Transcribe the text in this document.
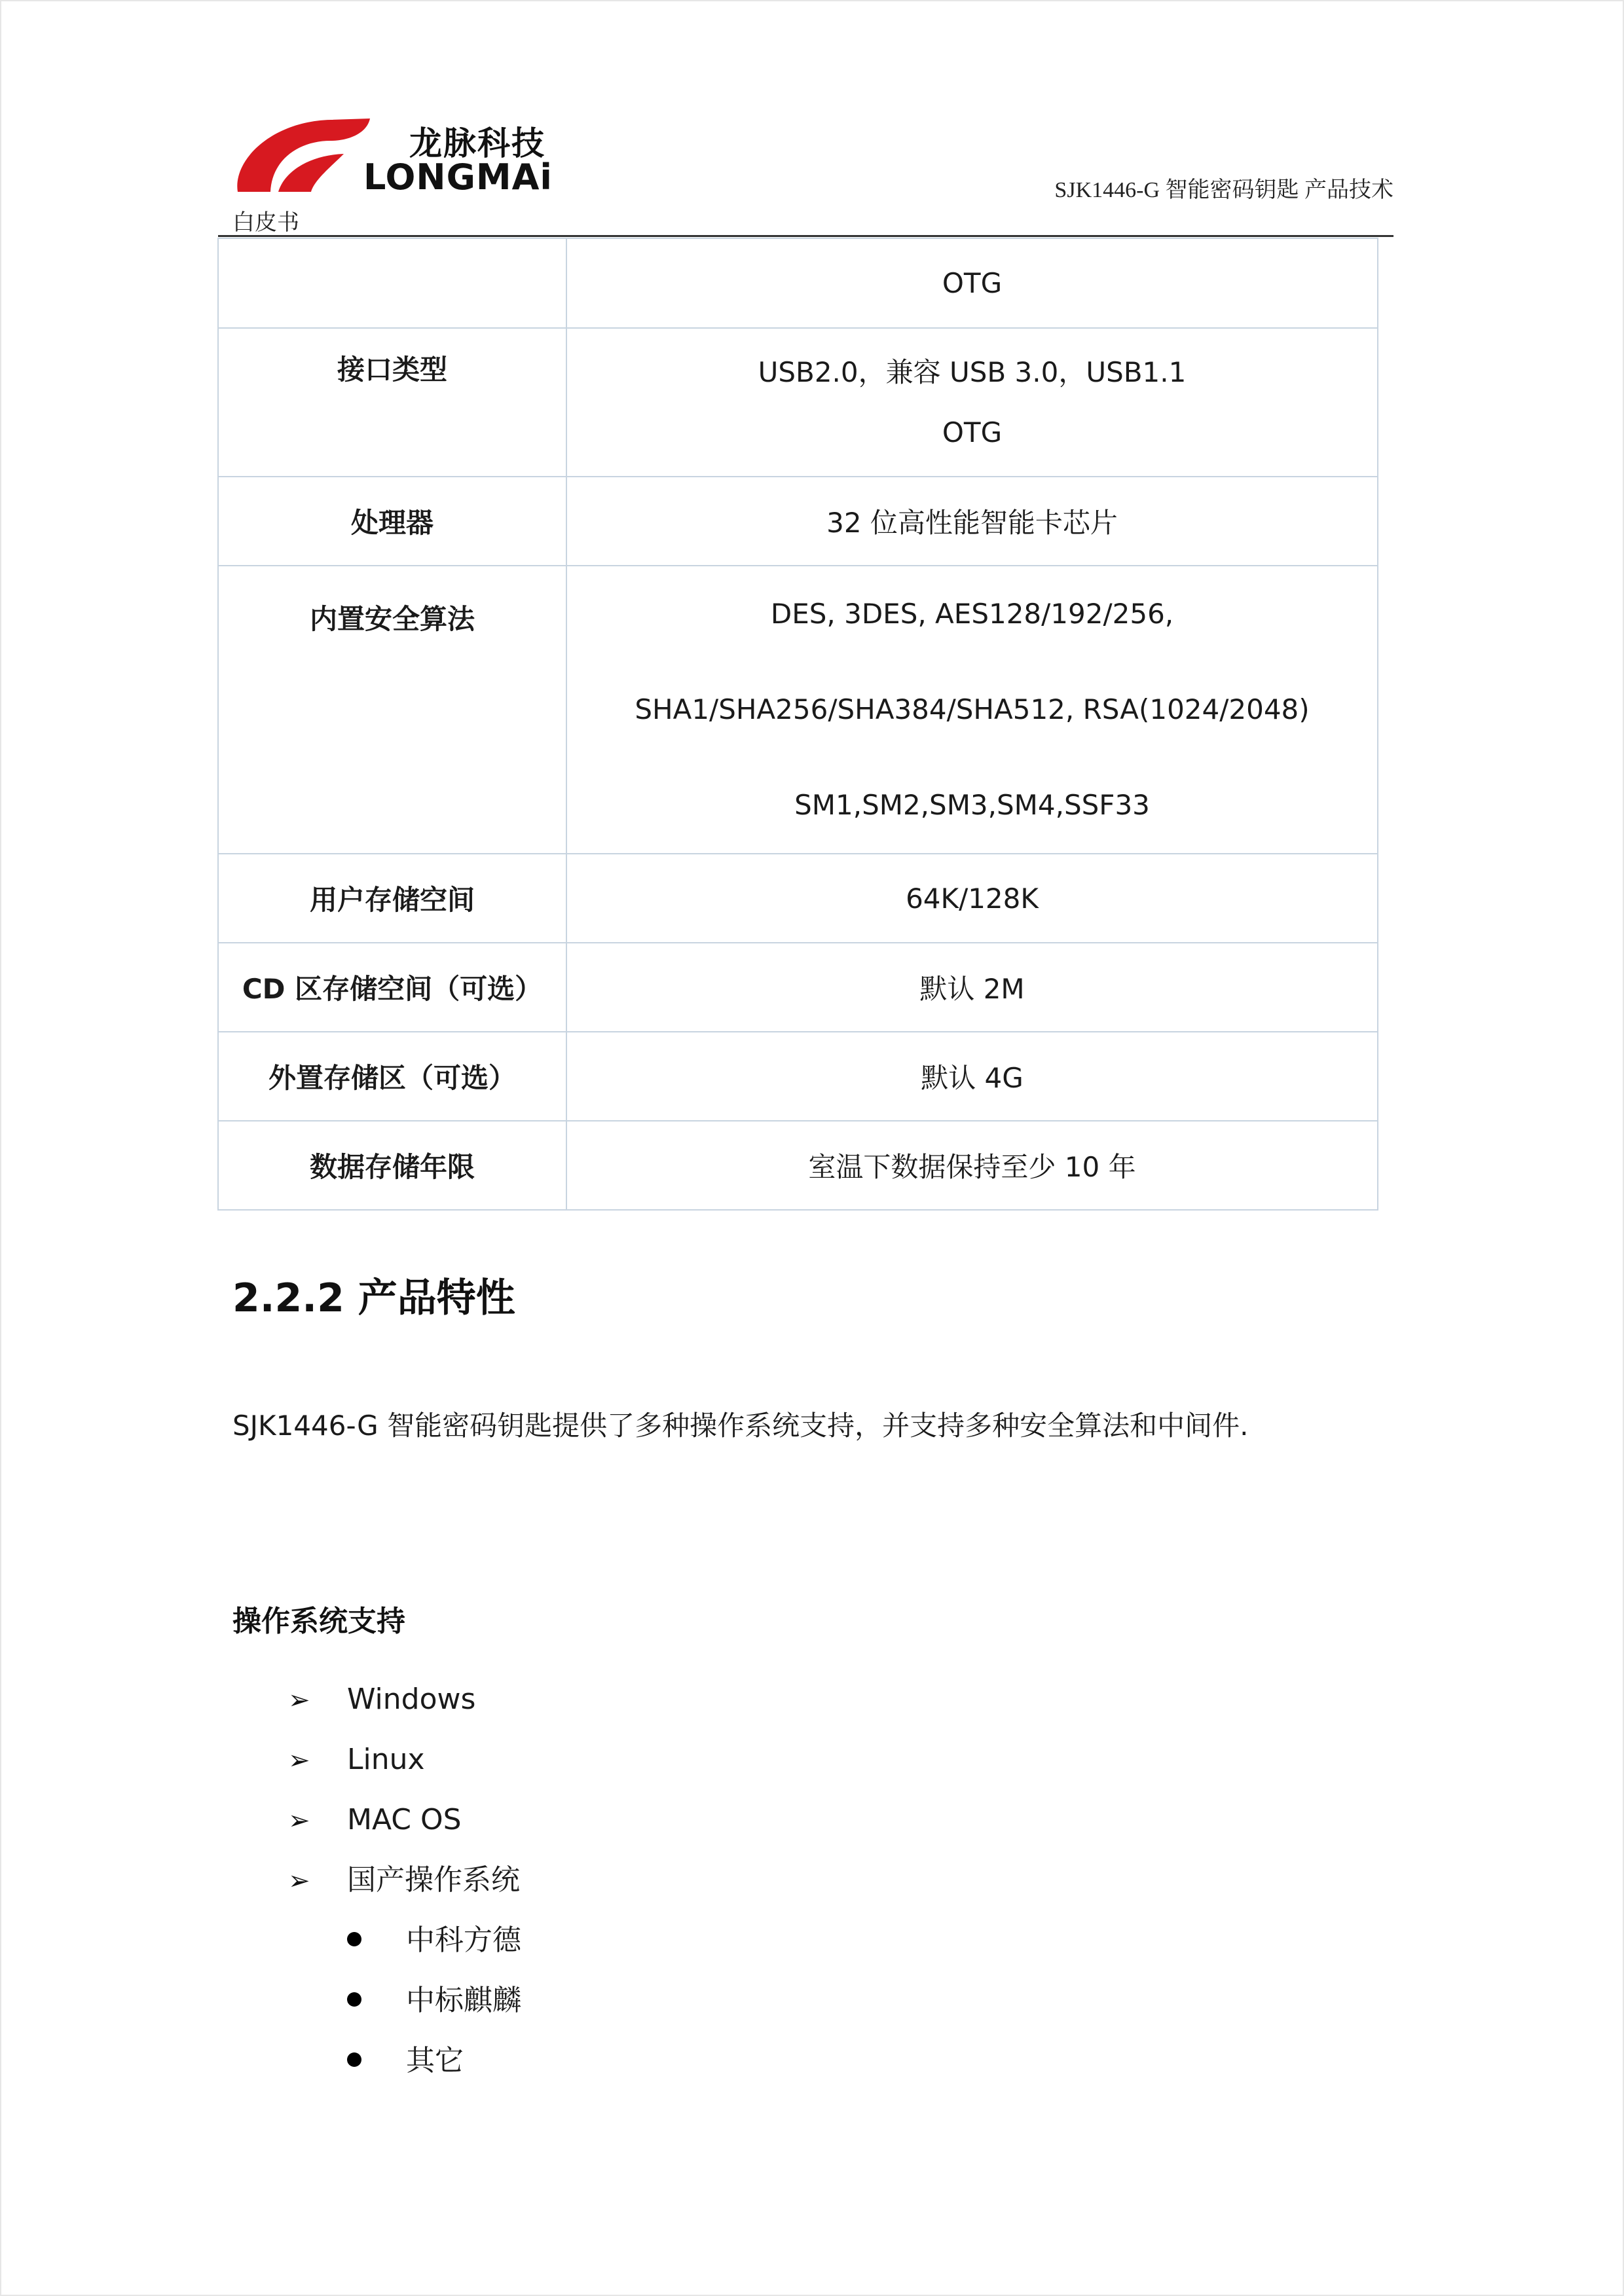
龙脉科技
LONGMAi	SJK1446-G 智能密码钥匙 产品技术
白皮书

	OTG

接口类型	USB2.0，兼容 USB 3.0，USB1.1
OTG

处理器	32 位高性能智能卡芯片

内置安全算法	DES, 3DES, AES128/192/256,
SHA1/SHA256/SHA384/SHA512, RSA(1024/2048)
SM1,SM2,SM3,SM4,SSF33

用户存储空间	64K/128K

CD 区存储空间（可选）	默认 2M

外置存储区（可选）	默认 4G

数据存储年限	室温下数据保持至少 10 年
2.2.2 产品特性
SJK1446-G 智能密码钥匙提供了多种操作系统支持，并支持多种安全算法和中间件.
操作系统支持
➢ Windows
➢ Linux
➢ MAC OS
➢ 国产操作系统
中科方德
中标麒麟
其它
